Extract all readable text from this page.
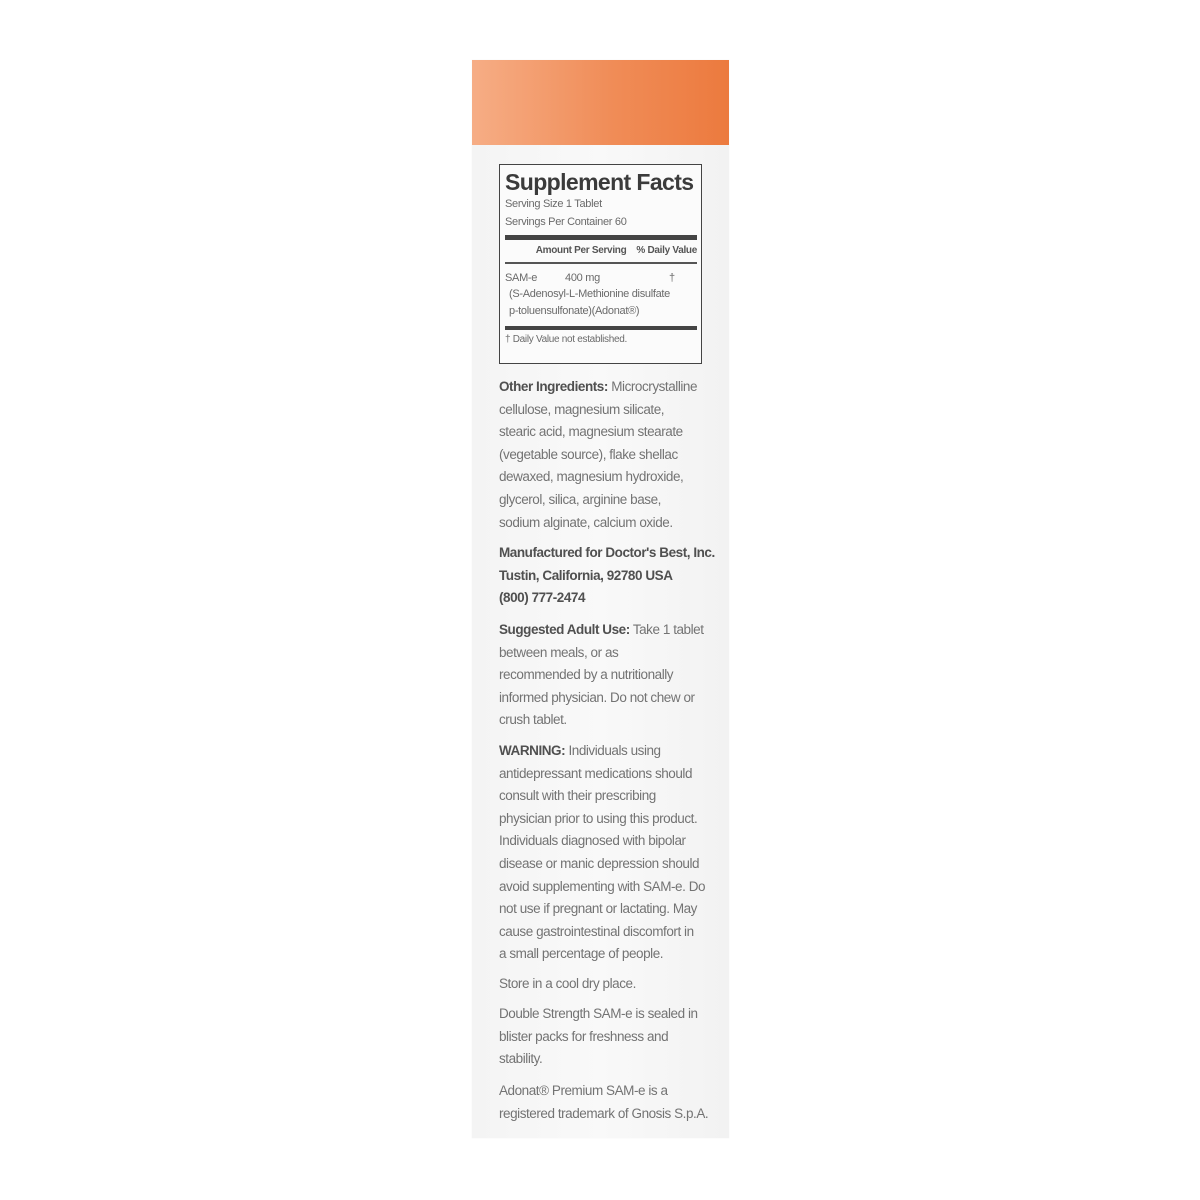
Supplement Facts
Serving Size 1 Tablet
Servings Per Container 60
Amount Per Serving % Daily Value
SAM-e	400 mg	†
(S-Adenosyl-L-Methionine disulfate
p-toluensulfonate)(Adonat®)
† Daily Value not established.
Other Ingredients: Microcrystalline
cellulose, magnesium silicate,
stearic acid, magnesium stearate
(vegetable source), flake shellac
dewaxed, magnesium hydroxide,
glycerol, silica, arginine base,
sodium alginate, calcium oxide.
Manufactured for Doctor's Best, Inc.
Tustin, California, 92780 USA
(800) 777-2474
Suggested Adult Use: Take 1 tablet
between meals, or as
recommended by a nutritionally
informed physician. Do not chew or
crush tablet.
WARNING: Individuals using
antidepressant medications should
consult with their prescribing
physician prior to using this product.
Individuals diagnosed with bipolar
disease or manic depression should
avoid supplementing with SAM-e. Do
not use if pregnant or lactating. May
cause gastrointestinal discomfort in
a small percentage of people.
Store in a cool dry place.
Double Strength SAM-e is sealed in
blister packs for freshness and
stability.
Adonat® Premium SAM-e is a
registered trademark of Gnosis S.p.A.
